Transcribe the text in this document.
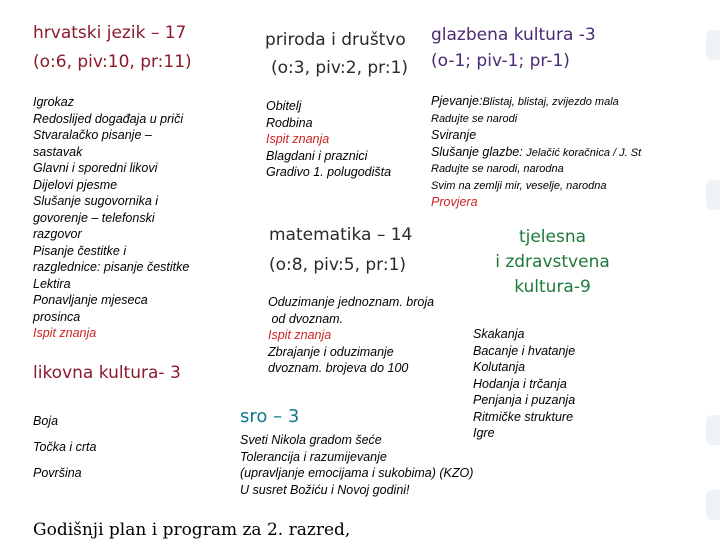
hrvatski jezik – 17
(o:6, piv:10, pr:11)
Igrokaz
Redoslijed događaja u priči
Stvaralačko pisanje –
sastavak
Glavni i sporedni likovi
Dijelovi pjesme
Slušanje sugovornika i
govorenje – telefonski
razgovor
Pisanje čestitke i
razglednice: pisanje čestitke
Lektira
Ponavljanje mjeseca
prosinca
Ispit znanja
priroda i društvo
(o:3, piv:2, pr:1)
Obitelj
Rodbina
Ispit znanja
Blagdani i praznici
Gradivo 1. polugodišta
glazbena kultura -3
(o-1; piv-1; pr-1)
Pjevanje:Blistaj, blistaj, zvijezdo mala
Radujte se narodi
Sviranje
Slušanje glazbe: Jelačić koračnica / J. St
Radujte se narodi, narodna
Svim na zemlji mir, veselje, narodna
Provjera
matematika – 14
(o:8, piv:5, pr:1)
Oduzimanje jednoznam. broja
od dvoznam.
Ispit znanja
Zbrajanje i oduzimanje
dvoznam. brojeva do 100
tjelesna
i zdravstvena
kultura-9
Skakanja
Bacanje i hvatanje
Kolutanja
Hodanja i trčanja
Penjanja i puzanja
Ritmičke strukture
Igre
likovna kultura- 3
Boja
Točka i crta
Površina
sro – 3
Sveti Nikola gradom šeće
Tolerancija i razumijevanje
(upravljanje emocijama i sukobima) (KZO)
U susret Božiću i Novoj godini!
Godišnji plan i program za 2. razred,
